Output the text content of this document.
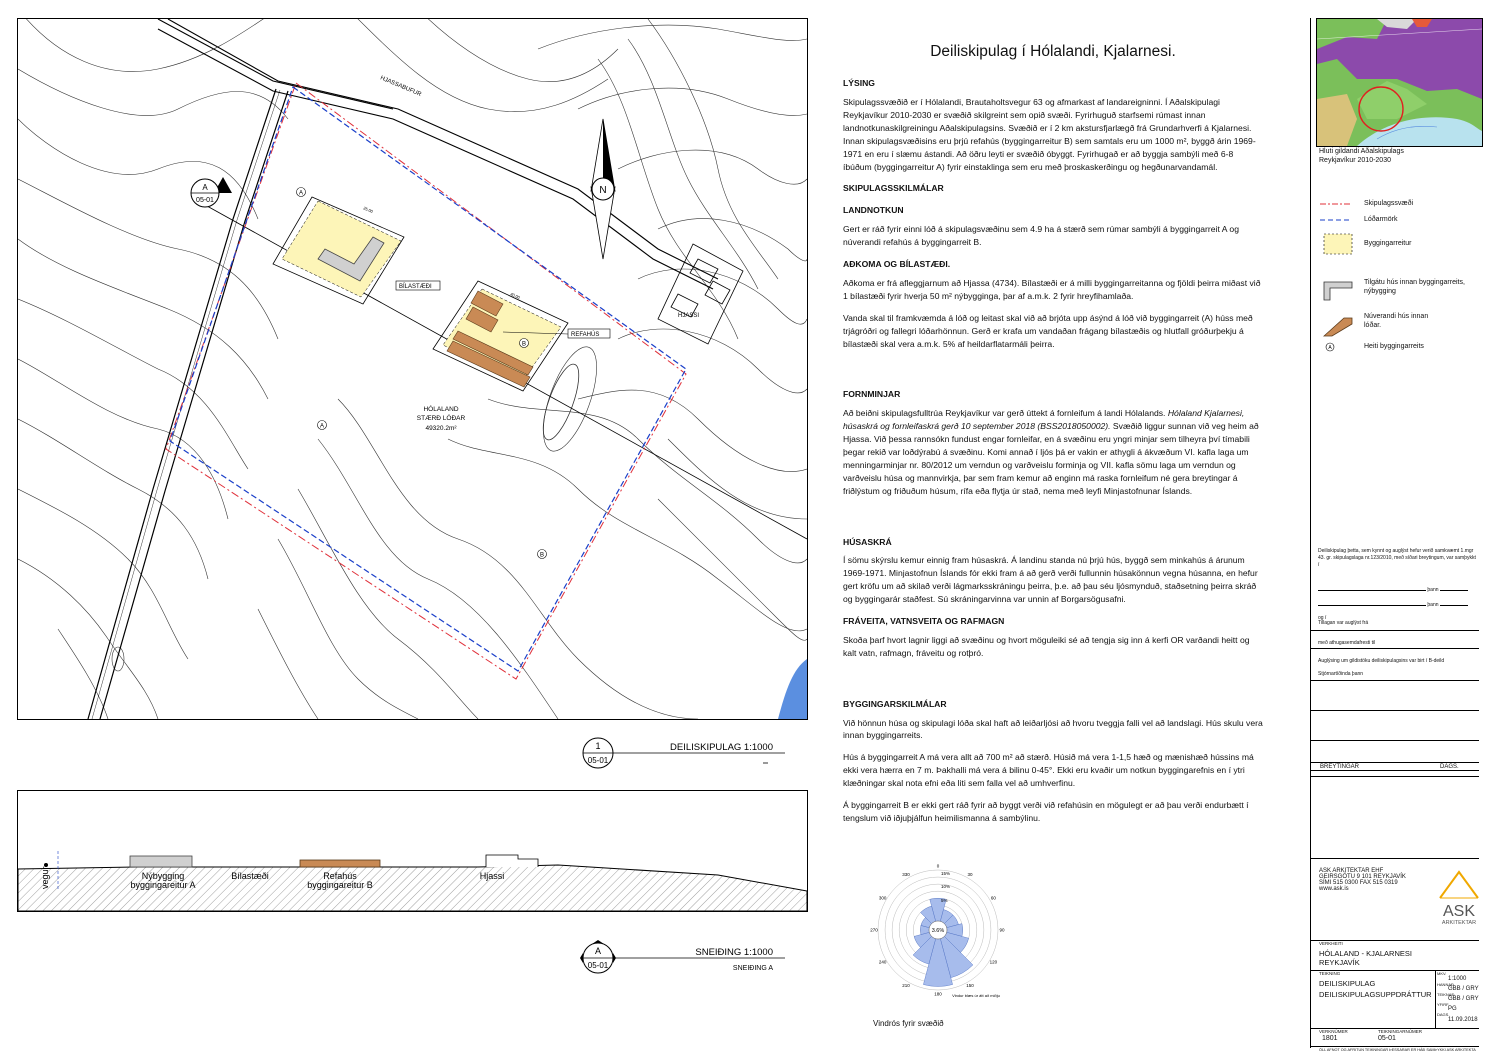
25.00
40.00
HJASSABUFUR
BÍLASTÆÐI
REFAHÚS
HJASSI
HÓLALAND
STÆRÐ LÓÐAR
49320.2m²
A
B
A
B
A
05-01
N
1
05-01
DEILISKIPULAG 1:1000
vegur	Nýbygging
byggingareitur A
Bílastæði	Refahús
byggingareitur B
Hjassi
A
05-01
SNEIÐING 1:1000
SNEIÐING A
Deiliskipulag í Hólalandi, Kjalarnesi.
LÝSING

Skipulagssvæðið er í Hólalandi, Brautaholtsvegur 63 og afmarkast af landareigninni. Í Aðalskipulagi Reykjavíkur 2010-2030 er svæðið skilgreint sem opið svæði. Fyrirhuguð starfsemi rúmast innan landnotkunaskilgreiningu Aðalskipulagsins. Svæðið er í 2 km akstursfjarlægð frá Grundarhverfi á Kjalarnesi. Innan skipulagsvæðisins eru þrjú refahús (byggingarreitur B) sem samtals eru um 1000 m², byggð árin 1969-1971 en eru í slæmu ástandi. Að öðru leyti er svæðið óbyggt. Fyrirhugað er að byggja sambýli með 6-8 íbúðum (byggingarreitur A) fyrir einstaklinga sem eru með þroskaskerðingu og hegðunarvandamál.

SKIPULAGSSKILMÁLAR
LANDNOTKUN

Gert er ráð fyrir einni lóð á skipulagsvæðinu sem 4.9 ha á stærð sem rúmar sambýli á byggingarreit A og núverandi refahús á byggingarreit B.

AÐKOMA OG BÍLASTÆÐI.

Aðkoma er frá afleggjarnum að Hjassa (4734). Bílastæði er á milli byggingarreitanna og fjöldi þeirra miðast við 1 bílastæði fyrir hverja 50 m² nýbygginga, þar af a.m.k. 2 fyrir hreyfihamlaða.

Vanda skal til framkvæmda á lóð og leitast skal við að brjóta upp ásýnd á lóð við byggingarreit (A) húss með trjágróðri og fallegri lóðarhönnun. Gerð er krafa um vandaðan frágang bílastæðis og hlutfall gróðurþekju á bílastæði skal vera a.m.k. 5% af heildarflatarmáli þeirra.

FORNMINJAR

Að beiðni skipulagsfulltrúa Reykjavíkur var gerð úttekt á fornleifum á landi Hólalands. Hólaland Kjalarnesi, húsaskrá og fornleifaskrá gerð 10 september 2018 (BSS2018050002). Svæðið liggur sunnan við veg heim að Hjassa. Við þessa rannsókn fundust engar fornleifar, en á svæðinu eru yngri minjar sem tilheyra því tímabili þegar rekið var loðdýrabú á svæðinu. Komi annað í ljós þá er vakin er athygli á ákvæðum VI. kafla laga um menningarminjar nr. 80/2012 um verndun og varðveislu forminja og VII. kafla sömu laga um verndun og varðveislu húsa og mannvirkja, þar sem fram kemur að enginn má raska fornleifum né gera breytingar á friðlýstum og friðuðum húsum, rífa eða flytja úr stað, nema með leyfi Minjastofnunar Íslands.

HÚSASKRÁ

Í sömu skýrslu kemur einnig fram húsaskrá. Á landinu standa nú þrjú hús, byggð sem minkahús á árunum 1969-1971. Minjastofnun Íslands fór ekki fram á að gerð verði fullunnin húsakönnun vegna húsanna, en hefur gert kröfu um að skilað verði lágmarksskráningu þeirra, þ.e. að þau séu ljósmynduð, staðsetning þeirra skráð og byggingarár staðfest. Sú skráningarvinna var unnin af Borgarsögusafni.

FRÁVEITA, VATNSVEITA OG RAFMAGN

Skoða þarf hvort lagnir liggi að svæðinu og hvort möguleiki sé að tengja sig inn á kerfi OR varðandi heitt og kalt vatn, rafmagn, fráveitu og rotþró.

BYGGINGARSKILMÁLAR

Við hönnun húsa og skipulagi lóða skal haft að leiðarljósi að hvoru tveggja falli vel að landslagi. Hús skulu vera innan byggingarreits.

Hús á byggingarreit A má vera allt að 700 m² að stærð. Húsið má vera 1-1,5 hæð og mænishæð hússins má ekki vera hærra en 7 m. Þakhalli má vera á bilinu 0-45°. Ekki eru kvaðir um notkun byggingarefnis en í ytri klæðningar skal nota efni eða liti sem falla vel að umhverfinu.

Á byggingarreit B er ekki gert ráð fyrir að byggt verði við refahúsin en mögulegt er að þau verði endurbætt í tengslum við iðjuþjálfun heimilismanna á sambýlinu.

0
30
60
90
120
150
180
210
240
270
300
330
3.6%
15%
10%
5%
Vindur blæs úr átt að miðju
Vindrós fyrir svæðið
Hluti gildandi Aðalskipulags
Reykjavíkur 2010-2030
A
Skipulagssvæði
Lóðarmörk
Byggingarreitur
Tilgátu hús innan byggingarreits, nýbygging
Núverandi hús innan lóðar.
Heiti byggingarreits
Deiliskipulag þetta, sem kynnt og auglýst hefur verið samkvæmt 1.mgr 43. gr. skipulagslaga nr.123/2010, með síðari breytingum, var samþykkt í
þann
þann
og í
Tillagan var auglýst frá
með athugasemdafresti til
Auglýsing um gildistöku deiliskipulagsins var birt í B-deild
Stjórnartíðinda þann
BREYTINGAR	DAGS.
ASK ARKITEKTAR EHF
GEIRSGÖTU 9 101 REYKJAVÍK
SÍMI 515 0300 FAX 515 0319
www.ask.is
ASK
ARKITEKTAR
VERKHEITI
HÓLALAND - KJALARNESI
REYKJAVÍK
TEIKNING
DEILISKIPULAG
DEILISKIPULAGSUPPDRÁTTUR
MKV.
1:1000
HANNAÐ
GBB / GRY
TEIKNAÐ
GBB / GRY
YFIRF.
PG
DAGS.
11.09.2018
VERKNÚMER
1801
TEIKNINGARNÚMER
05-01
ÖLL AFNOT OG AFRITUN TEIKNINGAR ÞESSARAR ER HÁÐ SAMÞYKKI ASK ARKITEKTA
